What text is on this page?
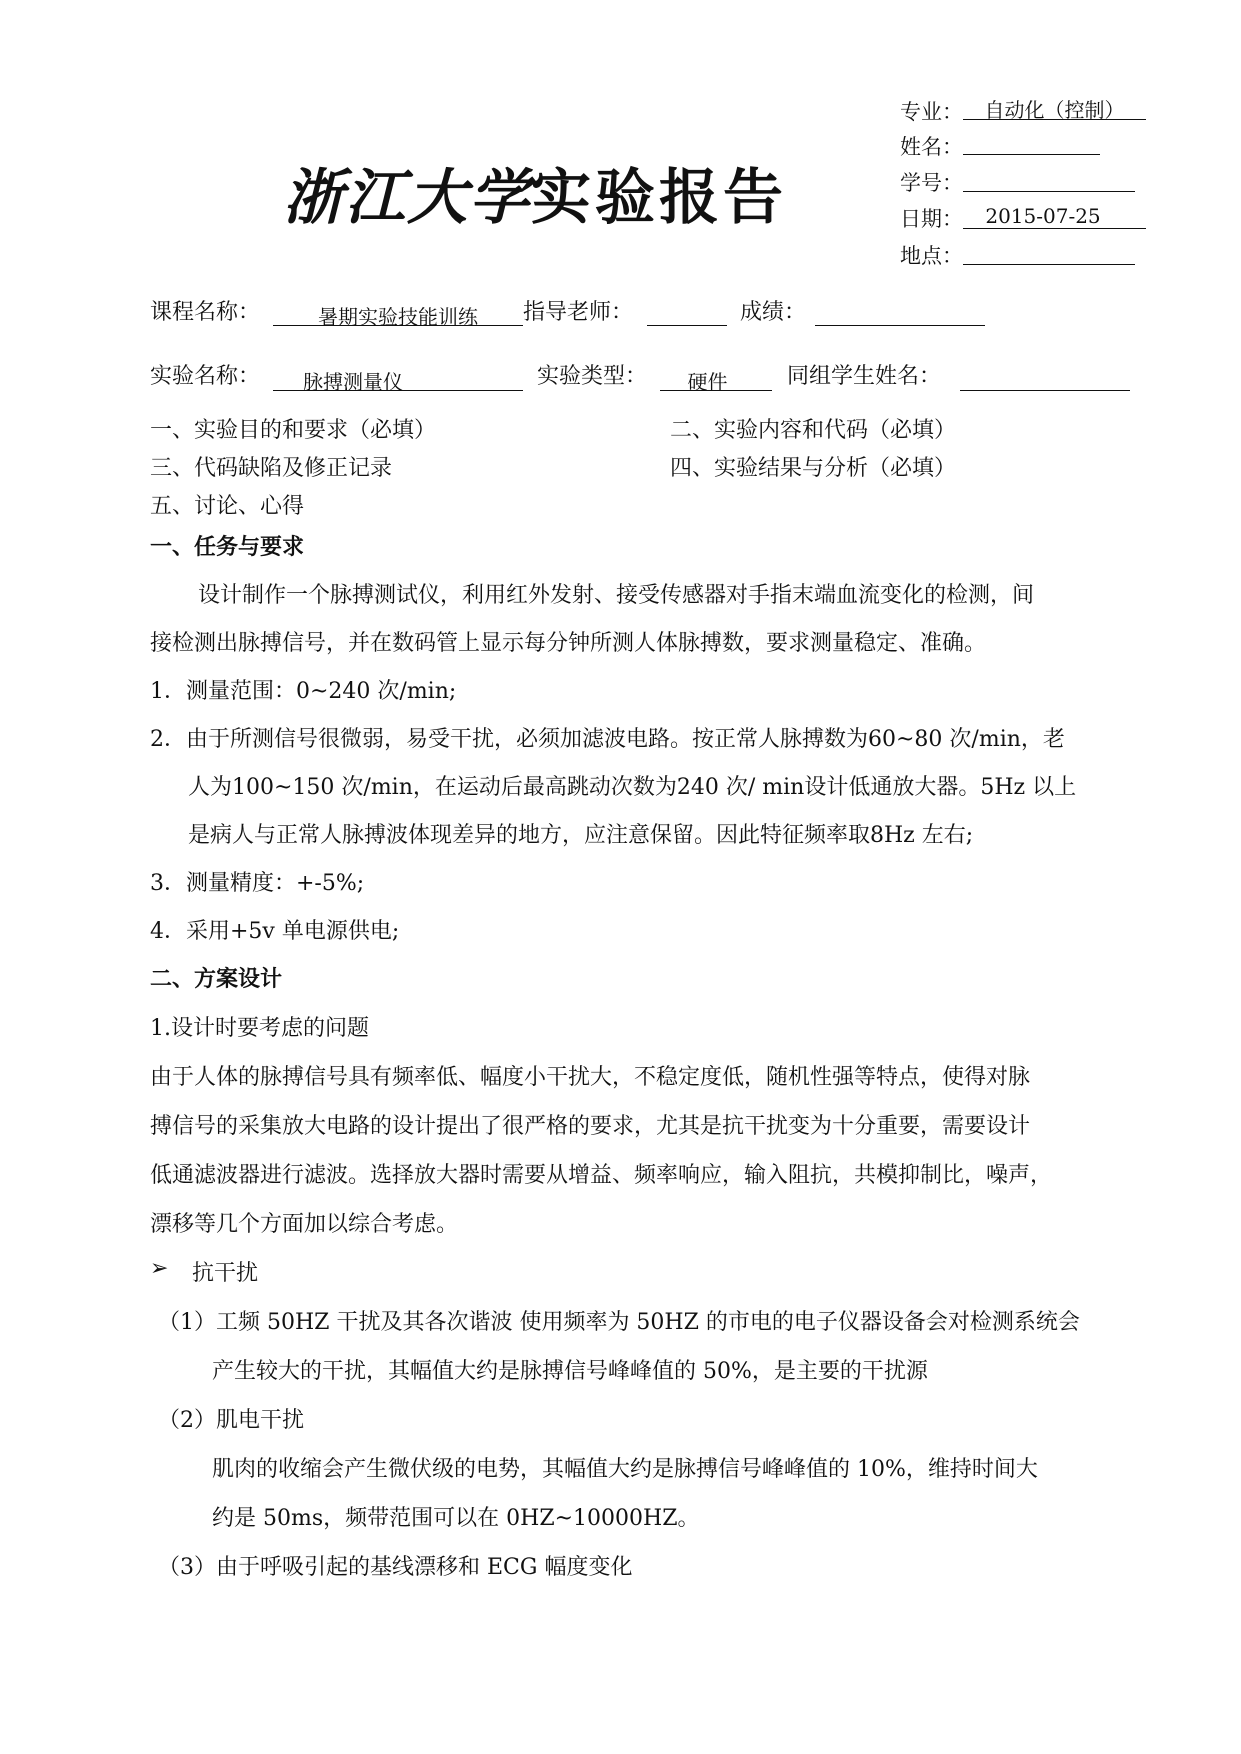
浙江大学实验报告
专业：	自动化（控制）
姓名：
学号：
日期：	2015-07-25
地点：
课程名称：	暑期实验技能训练	指导老师：	成绩：
实验名称：	脉搏测量仪	实验类型：	硬件	同组学生姓名：
一、实验目的和要求（必填）	二、实验内容和代码（必填）
三、代码缺陷及修正记录	四、实验结果与分析（必填）
五、讨论、心得
一、任务与要求
设计制作一个脉搏测试仪，利用红外发射、接受传感器对手指末端血流变化的检测，间
接检测出脉搏信号，并在数码管上显示每分钟所测人体脉搏数，要求测量稳定、准确。
1．测量范围：0~240 次/min;
2．由于所测信号很微弱，易受干扰，必须加滤波电路。按正常人脉搏数为60~80 次/min，老
人为100~150 次/min，在运动后最高跳动次数为240 次/ min设计低通放大器。5Hz 以上
是病人与正常人脉搏波体现差异的地方，应注意保留。因此特征频率取8Hz 左右;
3．测量精度：+-5%;
4．采用+5v 单电源供电;
二、方案设计
1.设计时要考虑的问题
由于人体的脉搏信号具有频率低、幅度小干扰大，不稳定度低，随机性强等特点，使得对脉
搏信号的采集放大电路的设计提出了很严格的要求，尤其是抗干扰变为十分重要，需要设计
低通滤波器进行滤波。选择放大器时需要从增益、频率响应，输入阻抗，共模抑制比，噪声，
漂移等几个方面加以综合考虑。
➢ 抗干扰
（1）工频 50HZ 干扰及其各次谐波 使用频率为 50HZ 的市电的电子仪器设备会对检测系统会
产生较大的干扰，其幅值大约是脉搏信号峰峰值的 50%，是主要的干扰源
（2）肌电干扰
肌肉的收缩会产生微伏级的电势，其幅值大约是脉搏信号峰峰值的 10%，维持时间大
约是 50ms，频带范围可以在 0HZ~10000HZ。
（3）由于呼吸引起的基线漂移和 ECG 幅度变化
